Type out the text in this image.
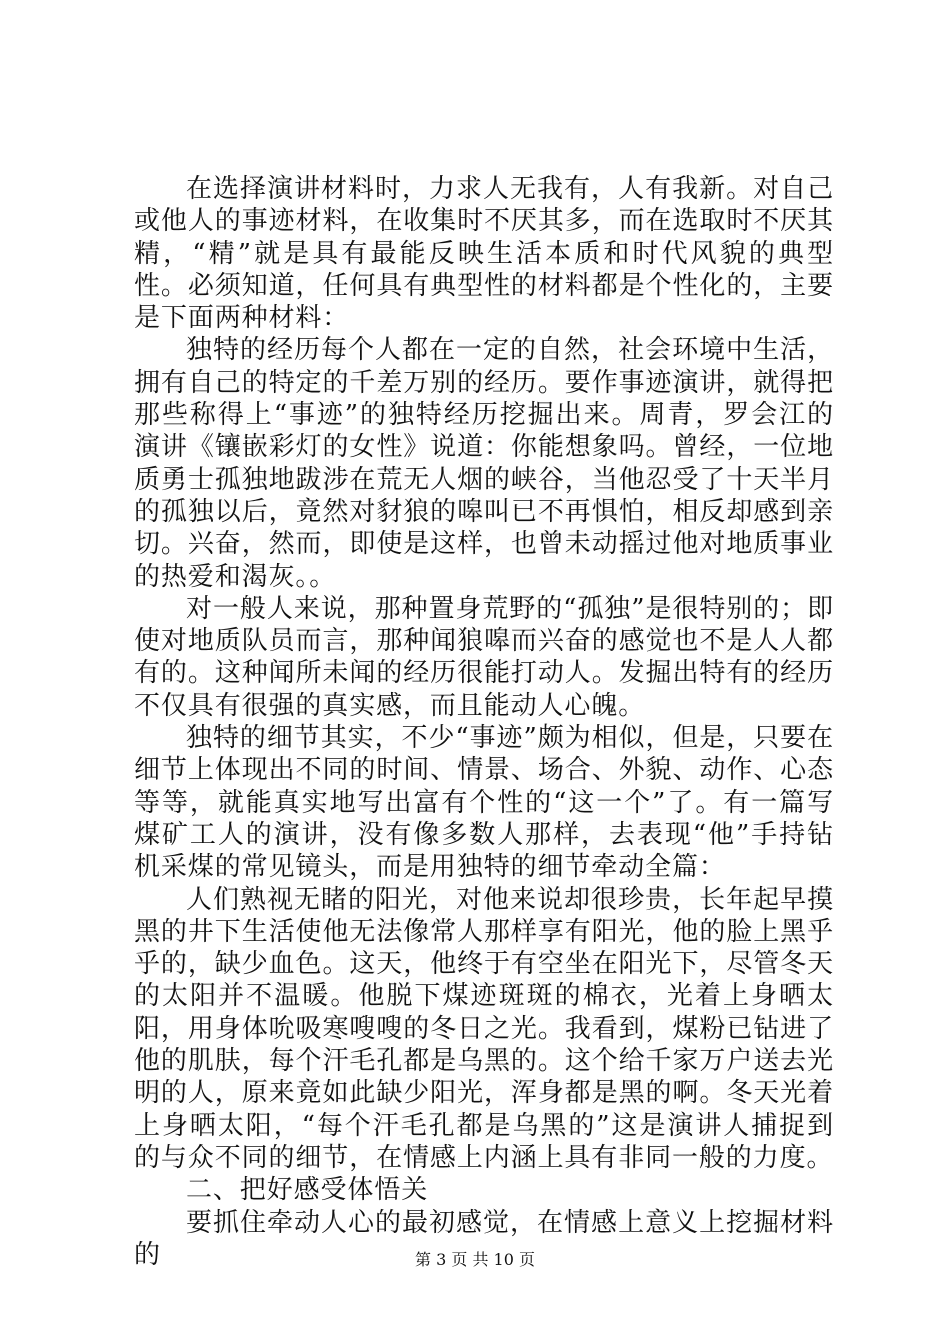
在选择演讲材料时，力求人无我有，人有我新。对自己或他人的事迹材料，在收集时不厌其多，而在选取时不厌其精，“精”就是具有最能反映生活本质和时代风貌的典型性。必须知道，任何具有典型性的材料都是个性化的，主要是下面两种材料：

独特的经历每个人都在一定的自然，社会环境中生活，拥有自己的特定的千差万别的经历。要作事迹演讲，就得把那些称得上“事迹”的独特经历挖掘出来。周青，罗会江的演讲《镶嵌彩灯的女性》说道：你能想象吗。曾经，一位地质勇士孤独地跋涉在荒无人烟的峡谷，当他忍受了十天半月的孤独以后，竟然对豺狼的嗥叫已不再惧怕，相反却感到亲切。兴奋，然而，即使是这样，也曾未动摇过他对地质事业的热爱和渴灰。。

对一般人来说，那种置身荒野的“孤独”是很特别的；即使对地质队员而言，那种闻狼嗥而兴奋的感觉也不是人人都有的。这种闻所未闻的经历很能打动人。发掘出特有的经历不仅具有很强的真实感，而且能动人心魄。

独特的细节其实，不少“事迹”颇为相似，但是，只要在细节上体现出不同的时间、情景、场合、外貌、动作、心态等等，就能真实地写出富有个性的“这一个”了。有一篇写煤矿工人的演讲，没有像多数人那样，去表现“他”手持钻机采煤的常见镜头，而是用独特的细节牵动全篇：

人们熟视无睹的阳光，对他来说却很珍贵，长年起早摸黑的井下生活使他无法像常人那样享有阳光，他的脸上黑乎乎的，缺少血色。这天，他终于有空坐在阳光下，尽管冬天的太阳并不温暖。他脱下煤迹斑斑的棉衣，光着上身晒太阳，用身体吮吸寒嗖嗖的冬日之光。我看到，煤粉已钻进了他的肌肤，每个汗毛孔都是乌黑的。这个给千家万户送去光明的人，原来竟如此缺少阳光，浑身都是黑的啊。冬天光着上身晒太阳，“每个汗毛孔都是乌黑的”这是演讲人捕捉到的与众不同的细节，在情感上内涵上具有非同一般的力度。

二、把好感受体悟关

要抓住牵动人心的最初感觉，在情感上意义上挖掘材料的	第 3 页 共 10 页
